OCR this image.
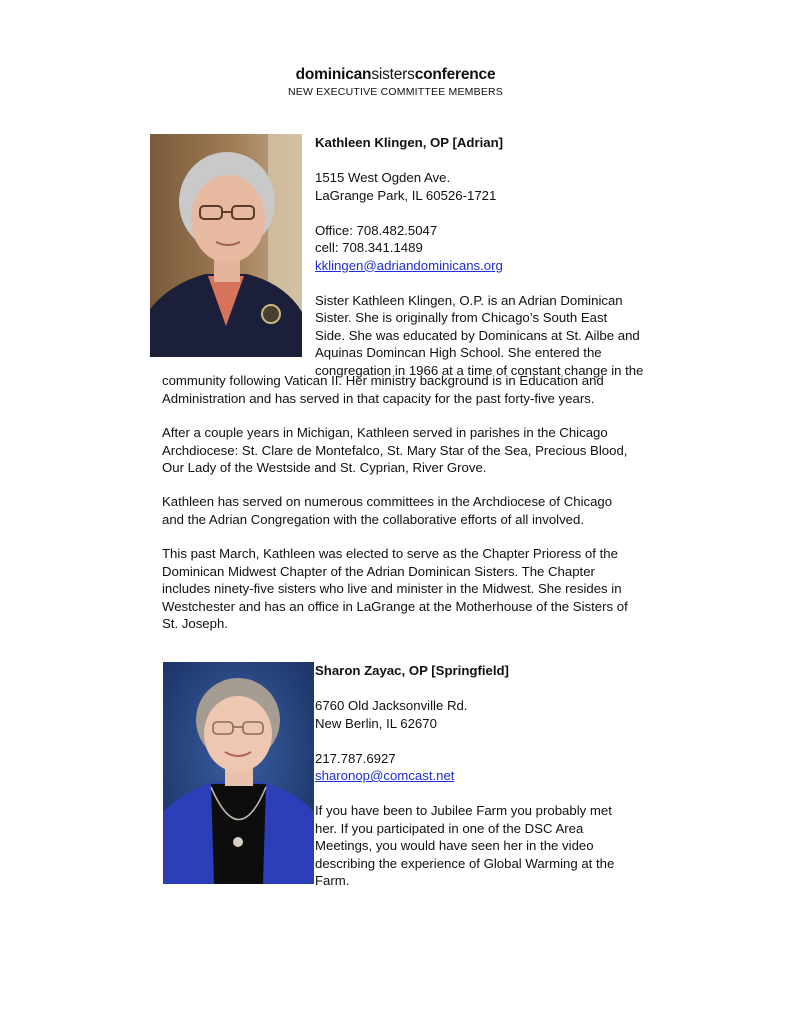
dominicansistersconference
NEW EXECUTIVE COMMITTEE MEMBERS
Kathleen Klingen, OP [Adrian]
1515 West Ogden Ave.
LaGrange Park, IL 60526-1721
Office: 708.482.5047
cell: 708.341.1489
kklingen@adriandominicans.org
Sister Kathleen Klingen, O.P. is an Adrian Dominican
Sister. She is originally from Chicago’s South East
Side. She was educated by Dominicans at St. Ailbe and
Aquinas Domincan High School. She entered the
congregation in 1966 at a time of constant change in the
community following Vatican II. Her ministry background is in Education and
Administration and has served in that capacity for the past forty-five years.
After a couple years in Michigan, Kathleen served in parishes in the Chicago
Archdiocese: St. Clare de Montefalco, St. Mary Star of the Sea, Precious Blood,
Our Lady of the Westside and St. Cyprian, River Grove.
Kathleen has served on numerous committees in the Archdiocese of Chicago
and the Adrian Congregation with the collaborative efforts of all involved.
This past March, Kathleen was elected to serve as the Chapter Prioress of the
Dominican Midwest Chapter of the Adrian Dominican Sisters. The Chapter
includes ninety-five sisters who live and minister in the Midwest. She resides in
Westchester and has an office in LaGrange at the Motherhouse of the Sisters of
St. Joseph.
Sharon Zayac, OP [Springfield]
6760 Old Jacksonville Rd.
New Berlin, IL 62670
217.787.6927
sharonop@comcast.net
If you have been to Jubilee Farm you probably met
her. If you participated in one of the DSC Area
Meetings, you would have seen her in the video
describing the experience of Global Warming at the
Farm.
